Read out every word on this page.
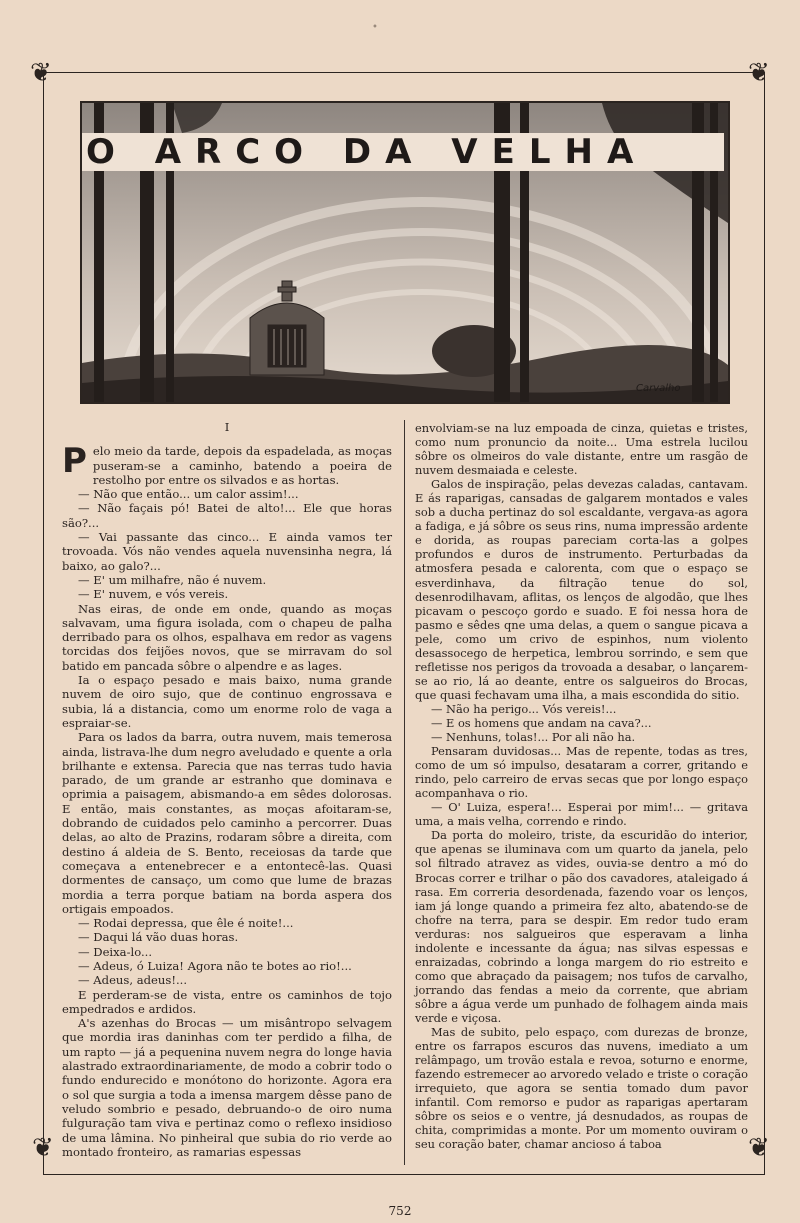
•
❦	❦
❦	❦
O ARCO DA VELHA
Carvalho

I

Pelo meio da tarde, depois da espadelada, as moças puseram-se a caminho, batendo a poeira de restolho por entre os silvados e as hortas.

— Não que então... um calor assim!...

— Não façais pó! Batei de alto!... Ele que horas são?...

— Vai passante das cinco... E ainda vamos ter trovoada. Vós não vendes aquela nuvensinha negra, lá baixo, ao galo?...

— E' um milhafre, não é nuvem.

— E' nuvem, e vós vereis.

Nas eiras, de onde em onde, quando as moças salvavam, uma figura isolada, com o chapeu de palha derribado para os olhos, espalhava em redor as vagens torcidas dos feijões novos, que se mirravam do sol batido em pancada sôbre o alpendre e as lages.

Ia o espaço pesado e mais baixo, numa grande nuvem de oiro sujo, que de continuo engrossava e subia, lá a distancia, como um enorme rolo de vaga a espraiar-se.

Para os lados da barra, outra nuvem, mais temerosa ainda, listrava-lhe dum negro aveludado e quente a orla brilhante e extensa. Parecia que nas terras tudo havia parado, de um grande ar estranho que dominava e oprimia a paisagem, abismando-a em sêdes dolorosas. E então, mais constantes, as moças afoitaram-se, dobrando de cuidados pelo caminho a percorrer. Duas delas, ao alto de Prazins, rodaram sôbre a direita, com destino á aldeia de S. Bento, receiosas da tarde que começava a entenebrecer e a entontecê-las. Quasi dormentes de cansaço, um como que lume de brazas mordia a terra porque batiam na borda aspera dos ortigais empoados.

— Rodai depressa, que êle é noite!...

— Daqui lá vão duas horas.

— Deixa-lo...

— Adeus, ó Luiza! Agora não te botes ao rio!...

— Adeus, adeus!...

E perderam-se de vista, entre os caminhos de tojo empedrados e ardidos.

A's azenhas do Brocas — um misântropo selvagem que mordia iras daninhas com ter perdido a filha, de um rapto — já a pequenina nuvem negra do longe havia alastrado extraordinariamente, de modo a cobrir todo o fundo endurecido e monótono do horizonte. Agora era o sol que surgia a toda a imensa margem dêsse pano de veludo sombrio e pesado, debruando-o de oiro numa fulguração tam viva e pertinaz como o reflexo insidioso de uma lâmina. No pinheiral que subia do rio verde ao montado fronteiro, as ramarias espessas

envolviam-se na luz empoada de cinza, quietas e tristes, como num pronuncio da noite... Uma estrela lucilou sôbre os olmeiros do vale distante, entre um rasgão de nuvem desmaiada e celeste.

Galos de inspiração, pelas devezas caladas, cantavam. E ás raparigas, cansadas de galgarem montados e vales sob a ducha pertinaz do sol escaldante, vergava-as agora a fadiga, e já sôbre os seus rins, numa impressão ardente e dorida, as roupas pareciam corta-las a golpes profundos e duros de instrumento. Perturbadas da atmosfera pesada e calorenta, com que o espaço se esverdinhava, da filtração tenue do sol, desenrodilhavam, aflitas, os lenços de algodão, que lhes picavam o pescoço gordo e suado. E foi nessa hora de pasmo e sêdes qne uma delas, a quem o sangue picava a pele, como um crivo de espinhos, num violento desassocego de herpetica, lembrou sorrindo, e sem que refletisse nos perigos da trovoada a desabar, o lançarem-se ao rio, lá ao deante, entre os salgueiros do Brocas, que quasi fechavam uma ilha, a mais escondida do sitio.

— Não ha perigo... Vós vereis!...

— E os homens que andam na cava?...

— Nenhuns, tolas!... Por ali não ha.

Pensaram duvidosas... Mas de repente, todas as tres, como de um só impulso, desataram a correr, gritando e rindo, pelo carreiro de ervas secas que por longo espaço acompanhava o rio.

— O' Luiza, espera!... Esperai por mim!... — gritava uma, a mais velha, correndo e rindo.

Da porta do moleiro, triste, da escuridão do interior, que apenas se iluminava com um quarto da janela, pelo sol filtrado atravez as vides, ouvia-se dentro a mó do Brocas correr e trilhar o pão dos cavadores, ataleigado á rasa. Em correria desordenada, fazendo voar os lenços, iam já longe quando a primeira fez alto, abatendo-se de chofre na terra, para se despir. Em redor tudo eram verduras: nos salgueiros que esperavam a linha indolente e incessante da água; nas silvas espessas e enraizadas, cobrindo a longa margem do rio estreito e como que abraçado da paisagem; nos tufos de carvalho, jorrando das fendas a meio da corrente, que abriam sôbre a água verde um punhado de folhagem ainda mais verde e viçosa.

Mas de subito, pelo espaço, com durezas de bronze, entre os farrapos escuros das nuvens, imediato a um relâmpago, um trovão estala e revoa, soturno e enorme, fazendo estremecer ao arvoredo velado e triste o coração irrequieto, que agora se sentia tomado dum pavor infantil. Com remorso e pudor as raparigas apertaram sôbre os seios e o ventre, já desnudados, as roupas de chita, comprimidas a monte. Por um momento ouviram o seu coração bater, chamar ancioso á taboa

752
